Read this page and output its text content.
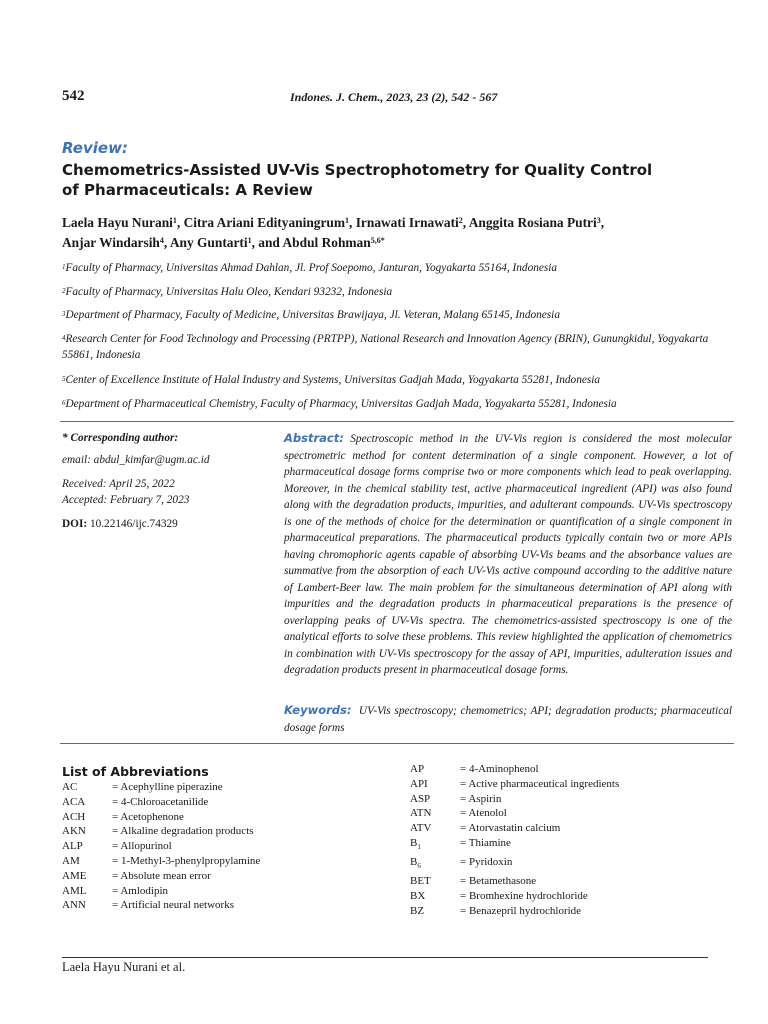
542	Indones. J. Chem., 2023, 23 (2), 542 - 567
Review:
Chemometrics-Assisted UV-Vis Spectrophotometry for Quality Control
of Pharmaceuticals: A Review
Laela Hayu Nurani$^1$, Citra Ariani Edityaningrum$^1$, Irnawati Irnawati$^2$, Anggita Rosiana Putri$^3$,
Anjar Windarsih$^4$, Any Guntarti$^1$, and Abdul Rohman$^{5,6*}$
* Corresponding author:
email: abdul_kimfar@ugm.ac.id
Received: April 25, 2022
Accepted: February 7, 2023
DOI: 10.22146/ijc.74329
Abstract: Spectroscopic method in the UV-Vis region is considered the most molecular spectrometric method for content determination of a single component. However, a lot of pharmaceutical dosage forms comprise two or more components which lead to peak overlapping. Moreover, in the chemical stability test, active pharmaceutical ingredient (API) was also found along with the degradation products, impurities, and adulterant compounds. UV-Vis spectroscopy is one of the methods of choice for the determination or quantification of a single component in pharmaceutical preparations. The pharmaceutical products typically contain two or more APIs having chromophoric agents capable of absorbing UV-Vis beams and the absorbance values are summative from the absorption of each UV-Vis active compound according to the additive nature of Lambert-Beer law. The main problem for the simultaneous determination of API along with impurities and the degradation products in pharmaceutical preparations is the presence of overlapping peaks of UV-Vis spectra. The chemometrics-assisted spectroscopy is one of the analytical efforts to solve these problems. This review highlighted the application of chemometrics in combination with UV-Vis spectroscopy for the assay of API, impurities, adulteration issues and degradation products present in pharmaceutical dosage forms.
Keywords: UV-Vis spectroscopy; chemometrics; API; degradation products; pharmaceutical dosage forms
List of Abbreviations
AC	= Acephylline piperazine
ACA	= 4-Chloroacetanilide
ACH	= Acetophenone
AKN	= Alkaline degradation products
ALP	= Allopurinol
AM	= 1-Methyl-3-phenylpropylamine
AME	= Absolute mean error
AML	= Amlodipin
ANN	= Artificial neural networks
AP	= 4-Aminophenol
API	= Active pharmaceutical ingredients
ASP	= Aspirin
ATN	= Atenolol
ATV	= Atorvastatin calcium
$B_1$	= Thiamine
$B_6$	= Pyridoxin
BET	= Betamethasone
BX	= Bromhexine hydrochloride
BZ	= Benazepril hydrochloride
Laela Hayu Nurani et al.
$^1$Faculty of Pharmacy, Universitas Ahmad Dahlan, Jl. Prof Soepomo, Janturan, Yogyakarta 55164, Indonesia
$^2$Faculty of Pharmacy, Universitas Halu Oleo, Kendari 93232, Indonesia
$^3$Department of Pharmacy, Faculty of Medicine, Universitas Brawijaya, Jl. Veteran, Malang 65145, Indonesia
$^4$Research Center for Food Technology and Processing (PRTPP), National Research and Innovation Agency (BRIN), Gunungkidul, Yogyakarta 55861, Indonesia
$^5$Center of Excellence Institute of Halal Industry and Systems, Universitas Gadjah Mada, Yogyakarta 55281, Indonesia
$^6$Department of Pharmaceutical Chemistry, Faculty of Pharmacy, Universitas Gadjah Mada, Yogyakarta 55281, Indonesia
